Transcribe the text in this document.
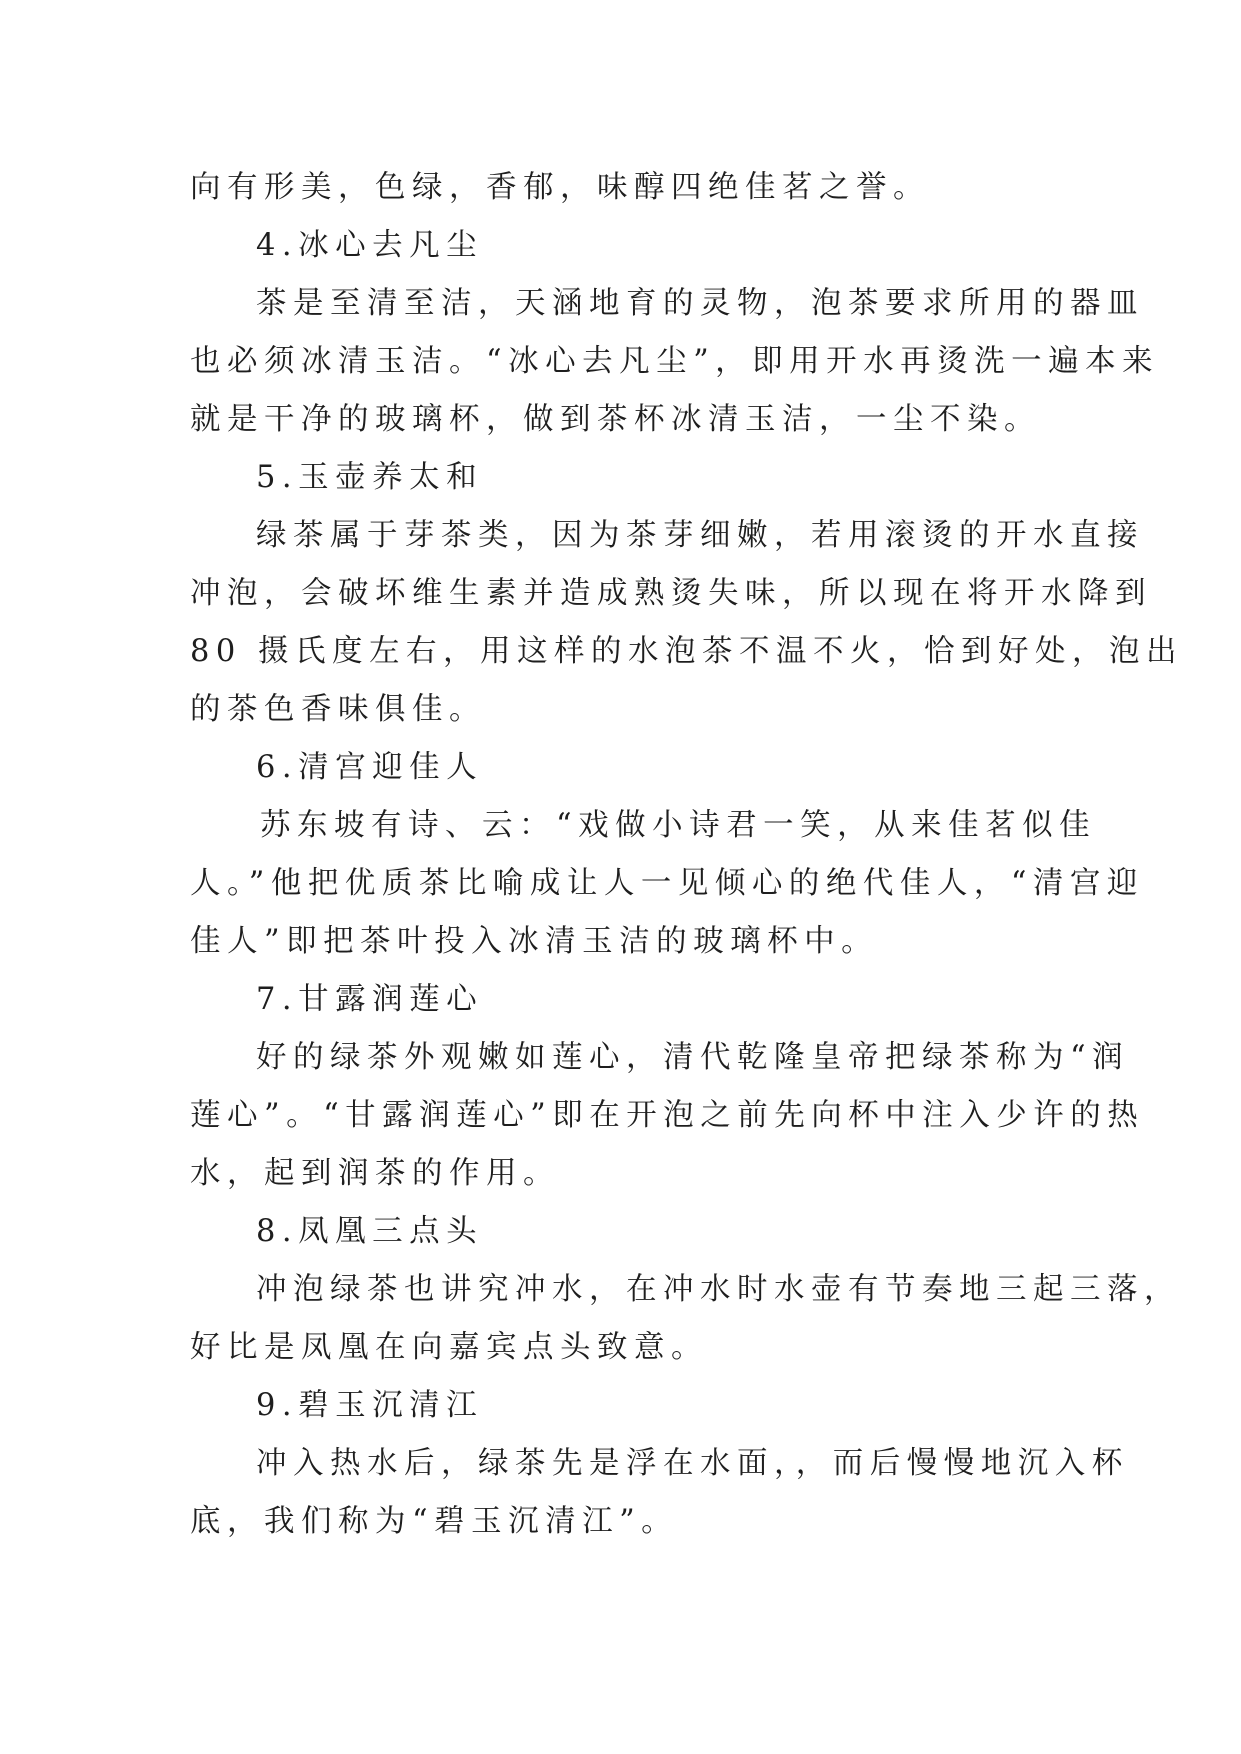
向有形美，色绿，香郁，味醇四绝佳茗之誉。
4.冰心去凡尘
茶是至清至洁，天涵地育的灵物，泡茶要求所用的器皿
也必须冰清玉洁。“冰心去凡尘”，即用开水再烫洗一遍本来
就是干净的玻璃杯，做到茶杯冰清玉洁，一尘不染。
5.玉壶养太和
绿茶属于芽茶类，因为茶芽细嫩，若用滚烫的开水直接
冲泡，会破坏维生素并造成熟烫失味，所以现在将开水降到
80 摄氏度左右，用这样的水泡茶不温不火，恰到好处，泡出
的茶色香味俱佳。
6.清宫迎佳人
苏东坡有诗、云：“戏做小诗君一笑，从来佳茗似佳
人。”他把优质茶比喻成让人一见倾心的绝代佳人，“清宫迎
佳人”即把茶叶投入冰清玉洁的玻璃杯中。
7.甘露润莲心
好的绿茶外观嫩如莲心，清代乾隆皇帝把绿茶称为“润
莲心”。“甘露润莲心”即在开泡之前先向杯中注入少许的热
水，起到润茶的作用。
8.凤凰三点头
冲泡绿茶也讲究冲水，在冲水时水壶有节奏地三起三落，
好比是凤凰在向嘉宾点头致意。
9.碧玉沉清江
冲入热水后，绿茶先是浮在水面，，而后慢慢地沉入杯
底，我们称为“碧玉沉清江”。
